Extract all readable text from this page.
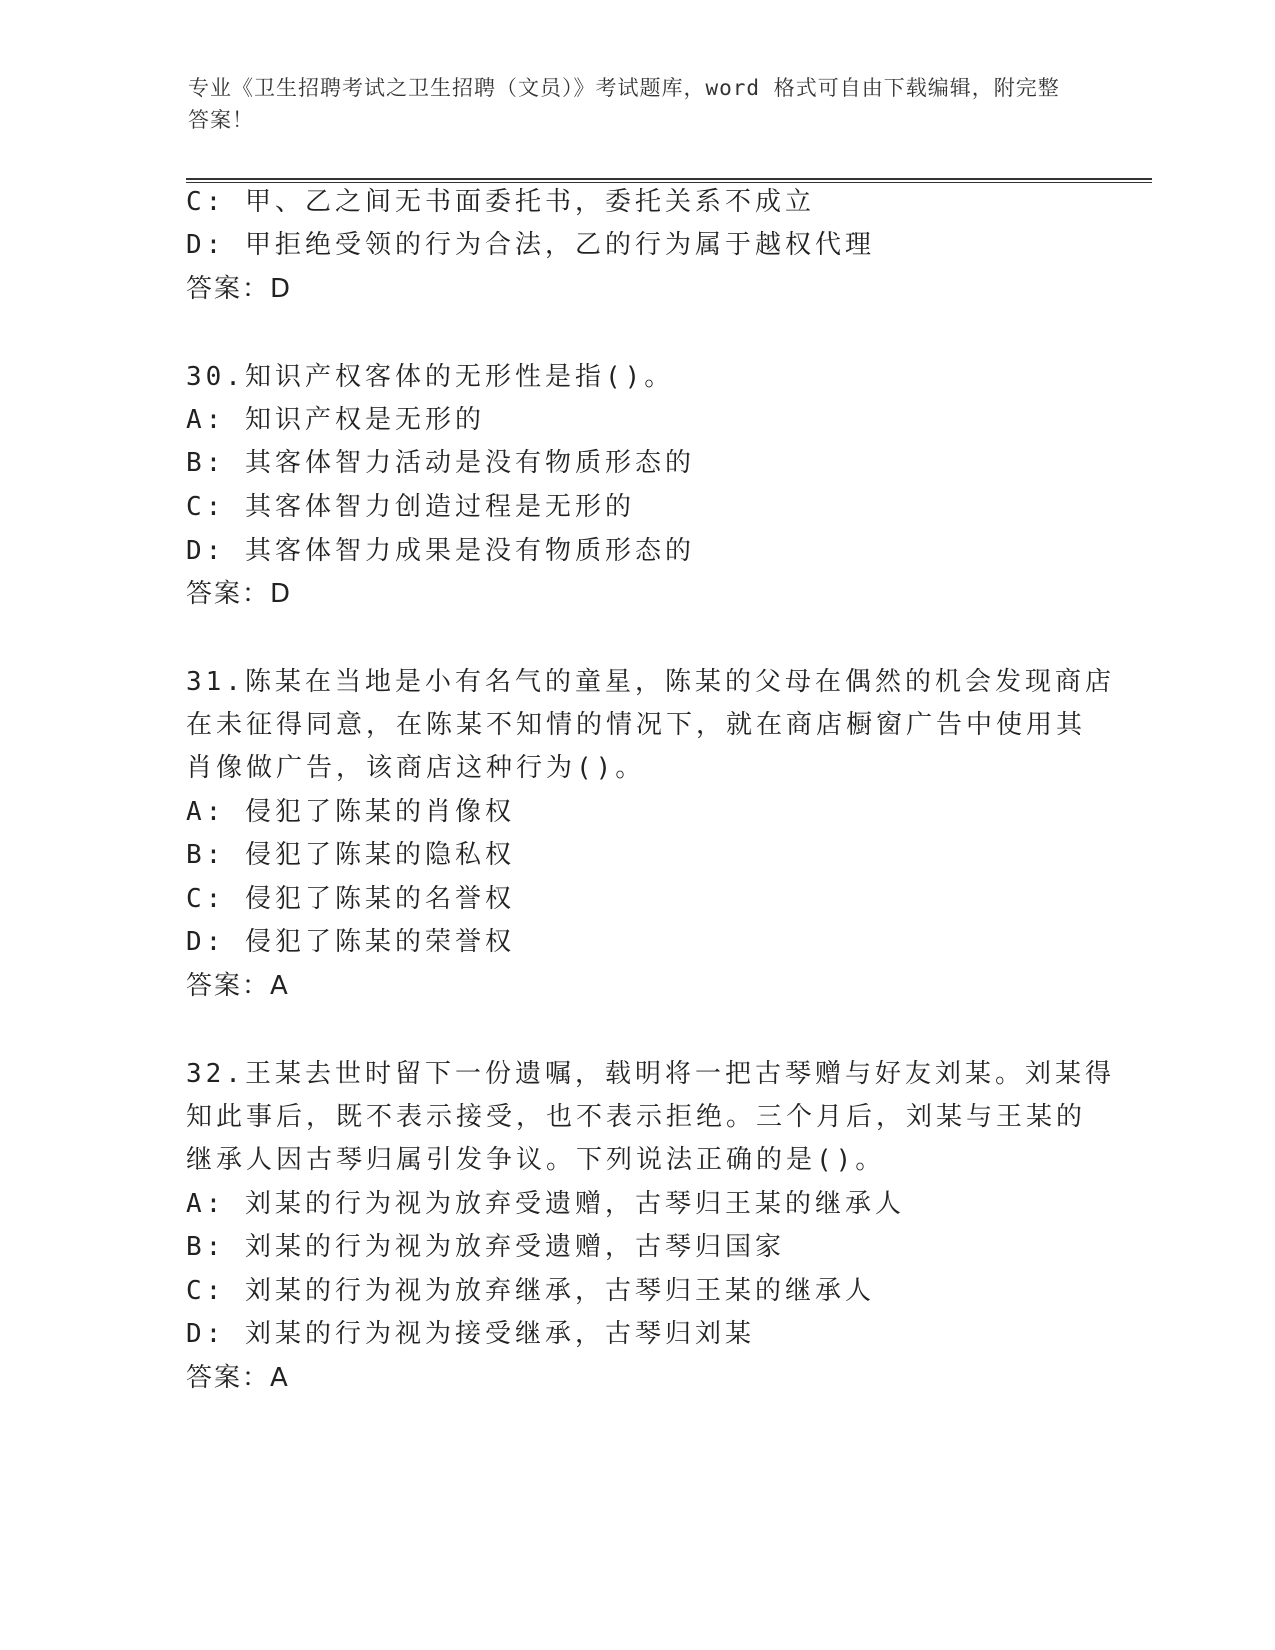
专业《卫生招聘考试之卫生招聘（文员）》考试题库，word 格式可自由下载编辑，附完整答案！
C: 甲、乙之间无书面委托书，委托关系不成立
D: 甲拒绝受领的行为合法，乙的行为属于越权代理
答案：D
30.知识产权客体的无形性是指()。
A: 知识产权是无形的
B: 其客体智力活动是没有物质形态的
C: 其客体智力创造过程是无形的
D: 其客体智力成果是没有物质形态的
答案：D
31.陈某在当地是小有名气的童星，陈某的父母在偶然的机会发现商店
在未征得同意，在陈某不知情的情况下，就在商店橱窗广告中使用其
肖像做广告，该商店这种行为()。
A: 侵犯了陈某的肖像权
B: 侵犯了陈某的隐私权
C: 侵犯了陈某的名誉权
D: 侵犯了陈某的荣誉权
答案：A
32.王某去世时留下一份遗嘱，载明将一把古琴赠与好友刘某。刘某得
知此事后，既不表示接受，也不表示拒绝。三个月后，刘某与王某的
继承人因古琴归属引发争议。下列说法正确的是()。
A: 刘某的行为视为放弃受遗赠，古琴归王某的继承人
B: 刘某的行为视为放弃受遗赠，古琴归国家
C: 刘某的行为视为放弃继承，古琴归王某的继承人
D: 刘某的行为视为接受继承，古琴归刘某
答案：A
